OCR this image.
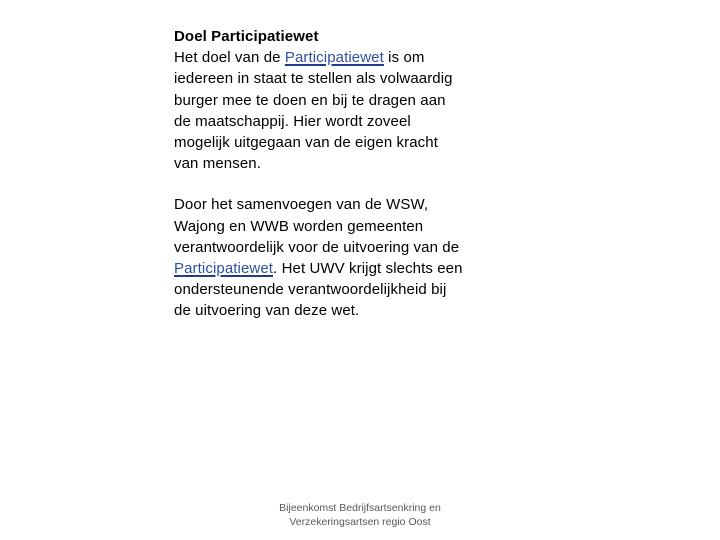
Doel Participatiewet
Het doel van de Participatiewet is om iedereen in staat te stellen als volwaardig burger mee te doen en bij te dragen aan de maatschappij. Hier wordt zoveel mogelijk uitgegaan van de eigen kracht van mensen.

Door het samenvoegen van de WSW, Wajong en WWB worden gemeenten verantwoordelijk voor de uitvoering van de Participatiewet. Het UWV krijgt slechts een ondersteunende verantwoordelijkheid bij de uitvoering van deze wet.

Bijeenkomst Bedrijfsartsenkring en
Verzekeringsartsen regio Oost
